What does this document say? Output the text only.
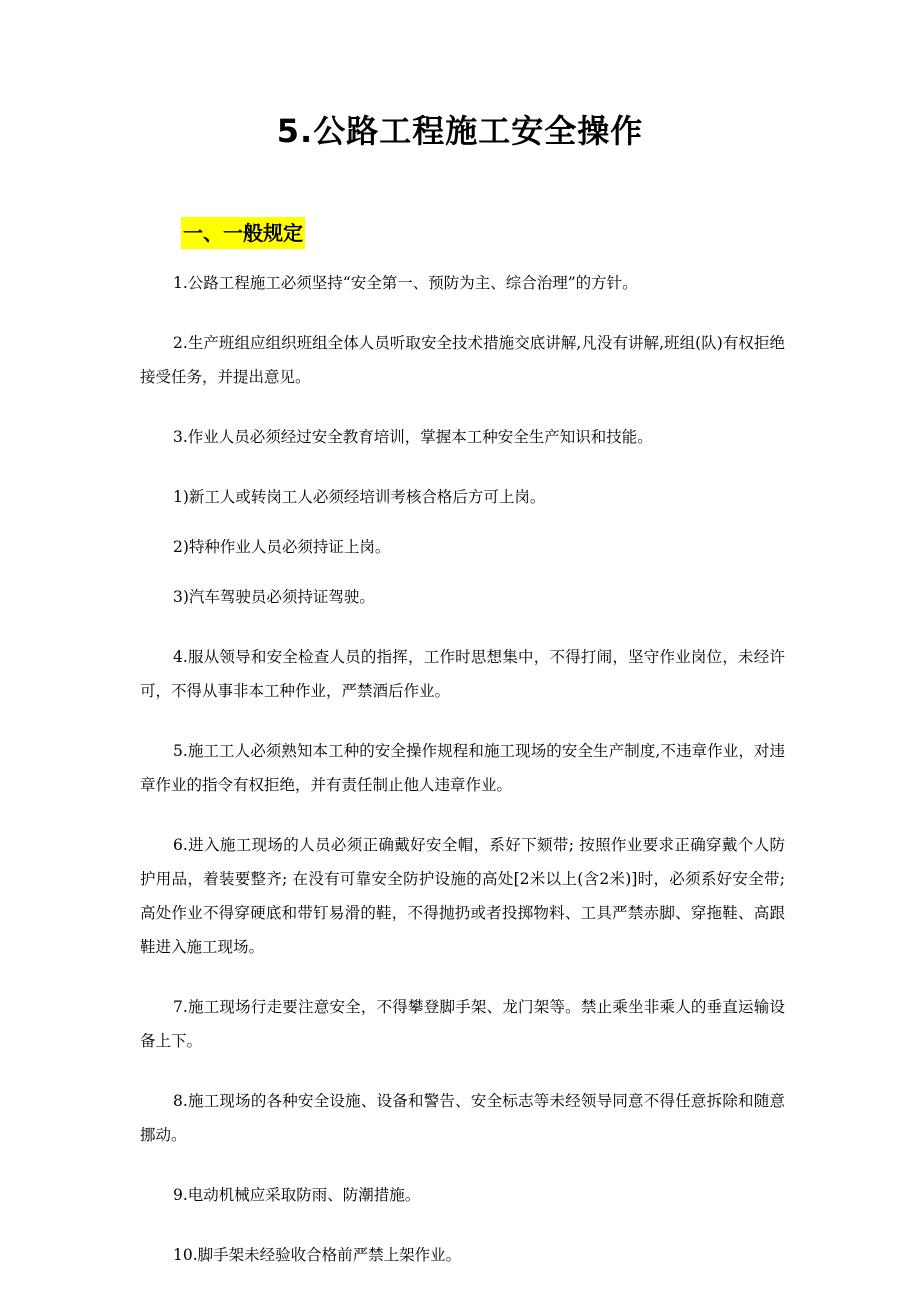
5.公路工程施工安全操作
一、一般规定

1.公路工程施工必须坚持“安全第一、预防为主、综合治理”的方针。

2.生产班组应组织班组全体人员听取安全技术措施交底讲解,凡没有讲解,班组(队)有权拒绝接受任务，并提出意见。

3.作业人员必须经过安全教育培训，掌握本工种安全生产知识和技能。

1)新工人或转岗工人必须经培训考核合格后方可上岗。

2)特种作业人员必须持证上岗。

3)汽车驾驶员必须持证驾驶。

4.服从领导和安全检查人员的指挥，工作时思想集中，不得打闹，坚守作业岗位，未经许可，不得从事非本工种作业，严禁酒后作业。

5.施工工人必须熟知本工种的安全操作规程和施工现场的安全生产制度,不违章作业，对违章作业的指令有权拒绝，并有责任制止他人违章作业。

6.进入施工现场的人员必须正确戴好安全帽，系好下颏带; 按照作业要求正确穿戴个人防护用品，着装要整齐; 在没有可靠安全防护设施的高处[2米以上(含2米)]时，必须系好安全带; 高处作业不得穿硬底和带钉易滑的鞋，不得抛扔或者投掷物料、工具严禁赤脚、穿拖鞋、高跟鞋进入施工现场。

7.施工现场行走要注意安全，不得攀登脚手架、龙门架等。禁止乘坐非乘人的垂直运输设备上下。

8.施工现场的各种安全设施、设备和警告、安全标志等未经领导同意不得任意拆除和随意挪动。

9.电动机械应采取防雨、防潮措施。

10.脚手架未经验收合格前严禁上架作业。
